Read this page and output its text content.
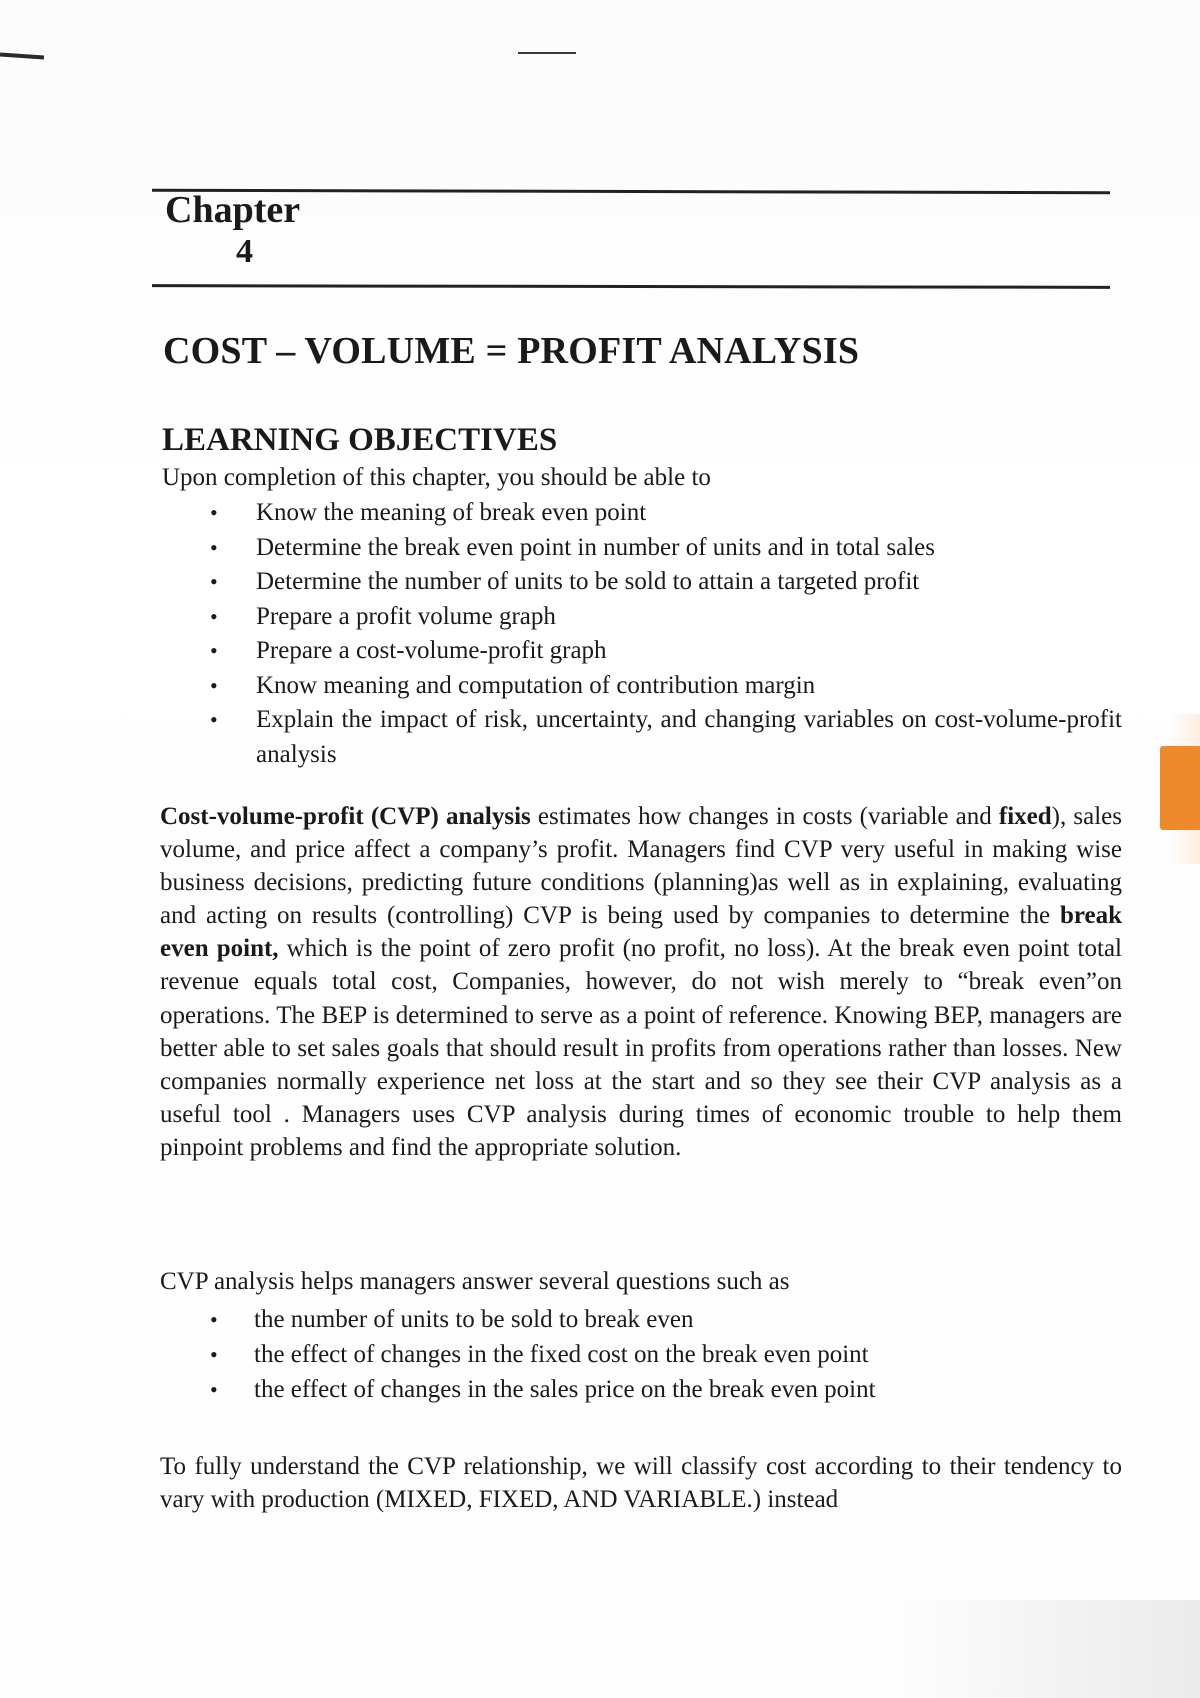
Chapter
4
COST – VOLUME = PROFIT ANALYSIS
LEARNING OBJECTIVES
Upon completion of this chapter, you should be able to
• Know the meaning of break even point
• Determine the break even point in number of units and in total sales
• Determine the number of units to be sold to attain a targeted profit
• Prepare a profit volume graph
• Prepare a cost-volume-profit graph
• Know meaning and computation of contribution margin
• Explain the impact of risk, uncertainty, and changing variables on cost-volume-profit analysis
Cost-volume-profit (CVP) analysis estimates how changes in costs (variable and fixed), sales volume, and price affect a company’s profit. Managers find CVP very useful in making wise business decisions, predicting future conditions (planning)as well as in explaining, evaluating and acting on results (controlling) CVP is being used by companies to determine the break even point, which is the point of zero profit (no profit, no loss). At the break even point total revenue equals total cost, Companies, however, do not wish merely to “break even”on operations. The BEP is determined to serve as a point of reference. Knowing BEP, managers are better able to set sales goals that should result in profits from operations rather than losses. New companies normally experience net loss at the start and so they see their CVP analysis as a useful tool . Managers uses CVP analysis during times of economic trouble to help them pinpoint problems and find the appropriate solution.
CVP analysis helps managers answer several questions such as
• the number of units to be sold to break even
• the effect of changes in the fixed cost on the break even point
• the effect of changes in the sales price on the break even point
To fully understand the CVP relationship, we will classify cost according to their tendency to vary with production (MIXED, FIXED, AND VARIABLE.) instead
